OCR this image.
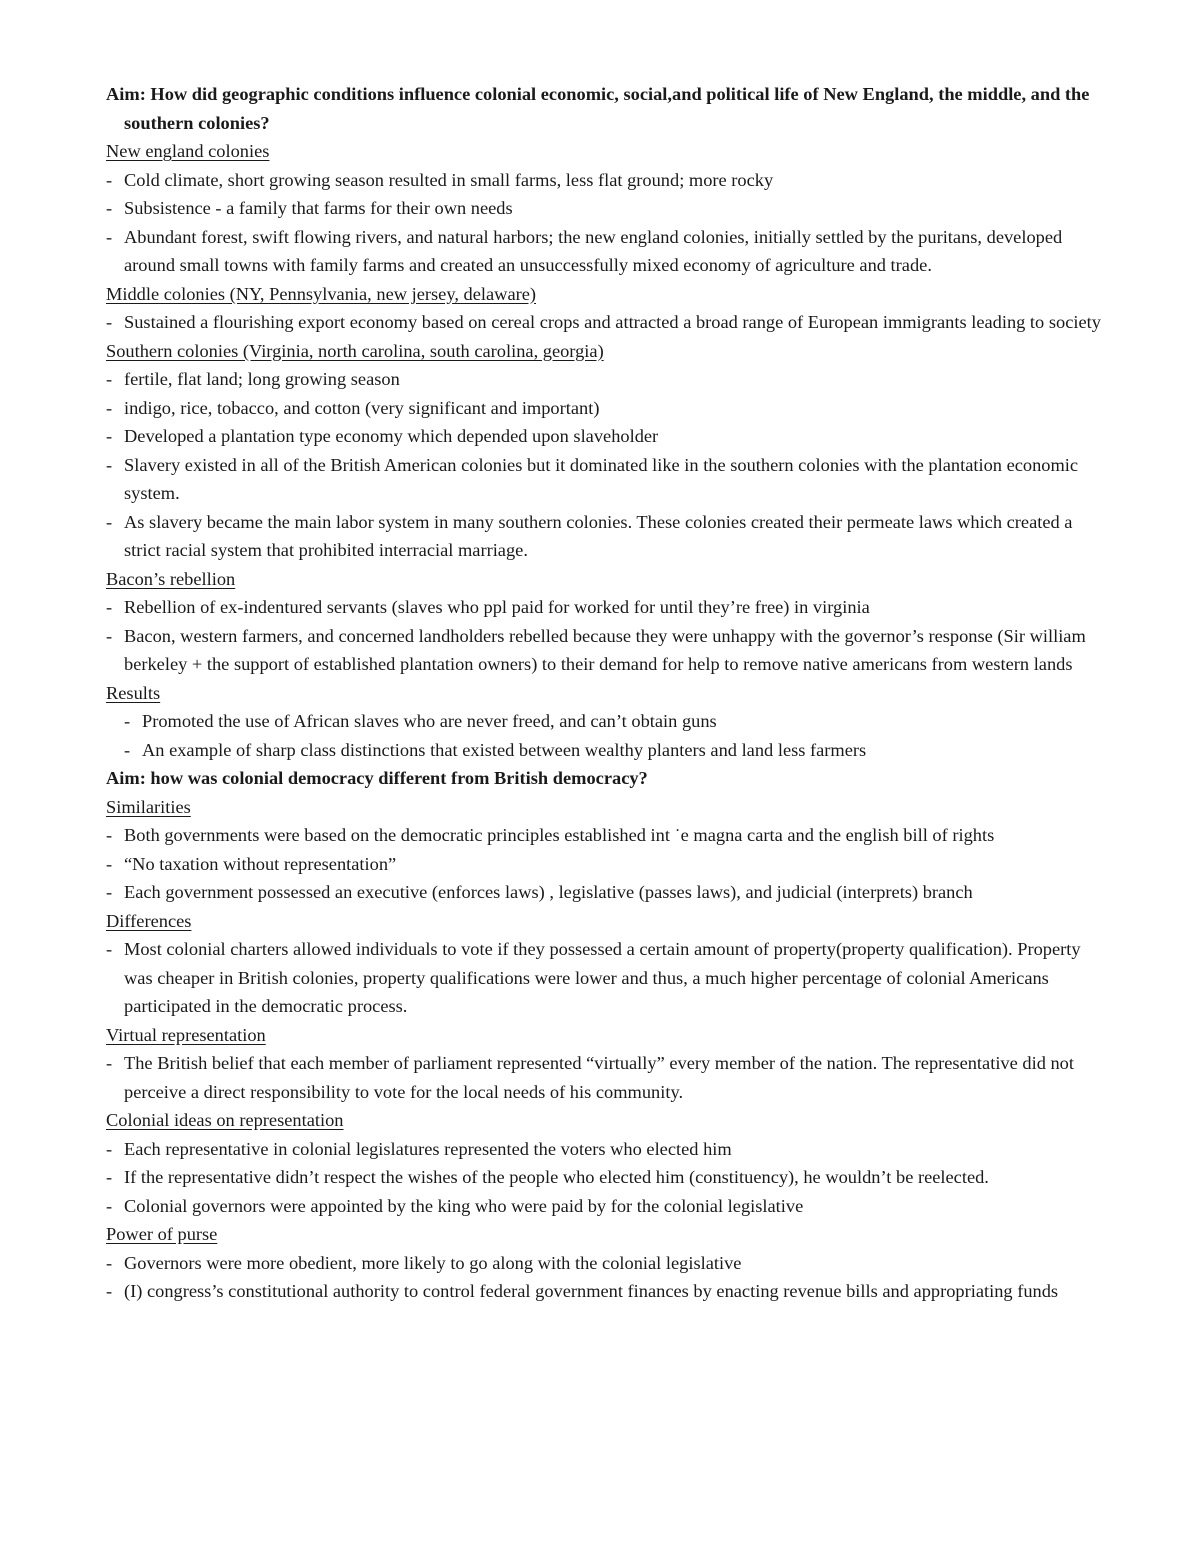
Aim: How did geographic conditions influence colonial economic, social,and political life of New England, the middle, and the southern colonies?
New england colonies
- Cold climate, short growing season resulted in small farms, less flat ground; more rocky
- Subsistence - a family that farms for their own needs
- Abundant forest, swift flowing rivers, and natural harbors; the new england colonies, initially settled by the puritans, developed around small towns with family farms and created an unsuccessfully mixed economy of agriculture and trade.
Middle colonies (NY, Pennsylvania, new jersey, delaware)
- Sustained a flourishing export economy based on cereal crops and attracted a broad range of European immigrants leading to society
Southern colonies (Virginia, north carolina, south carolina, georgia)
- fertile, flat land; long growing season
- indigo, rice, tobacco, and cotton (very significant and important)
- Developed a plantation type economy which depended upon slaveholder
- Slavery existed in all of the British American colonies but it dominated like in the southern colonies with the plantation economic system.
- As slavery became the main labor system in many southern colonies. These colonies created their permeate laws which created a strict racial system that prohibited interracial marriage.
Bacon’s rebellion
- Rebellion of ex-indentured servants (slaves who ppl paid for worked for until they’re free) in virginia
- Bacon, western farmers, and concerned landholders rebelled because they were unhappy with the governor’s response (Sir william berkeley + the support of established plantation owners) to their demand for help to remove native americans from western lands
Results
- Promoted the use of African slaves who are never freed, and can’t obtain guns
- An example of sharp class distinctions that existed between wealthy planters and land less farmers
Aim: how was colonial democracy different from British democracy?
Similarities
- Both governments were based on the democratic principles established int ˙e magna carta and the english bill of rights
- “No taxation without representation”
- Each government possessed an executive (enforces laws) , legislative (passes laws), and judicial (interprets) branch
Differences
- Most colonial charters allowed individuals to vote if they possessed a certain amount of property(property qualification). Property was cheaper in British colonies, property qualifications were lower and thus, a much higher percentage of colonial Americans participated in the democratic process.
Virtual representation
- The British belief that each member of parliament represented “virtually” every member of the nation. The representative did not perceive a direct responsibility to vote for the local needs of his community.
Colonial ideas on representation
- Each representative in colonial legislatures represented the voters who elected him
- If the representative didn’t respect the wishes of the people who elected him (constituency), he wouldn’t be reelected.
- Colonial governors were appointed by the king who were paid by for the colonial legislative
Power of purse
- Governors were more obedient, more likely to go along with the colonial legislative
- (I) congress’s constitutional authority to control federal government finances by enacting revenue bills and appropriating funds
